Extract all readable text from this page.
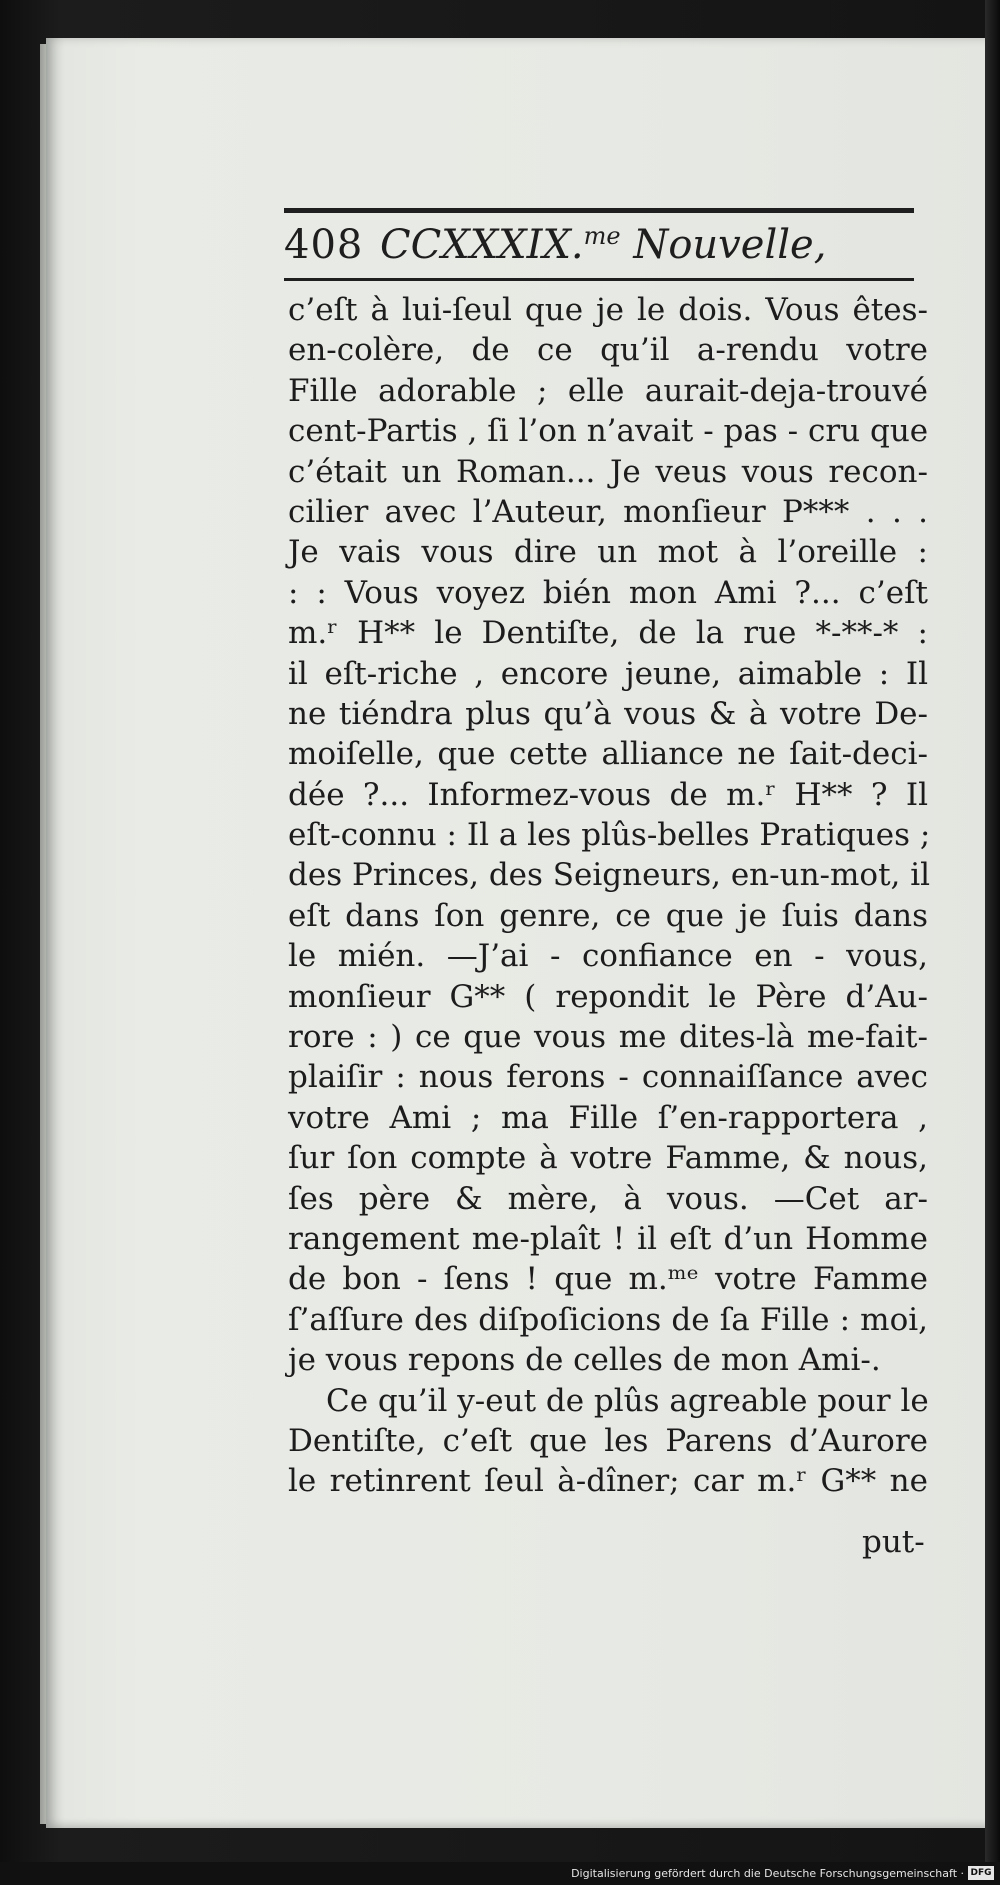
408 CCXXXIX.$^{me}$ Nouvelle,
c’eſt à lui-ſeul que je le dois. Vous êtes-
en-colère, de ce qu’il a-rendu votre
Fille adorable ; elle aurait-deja-trouvé
cent-Partis , ſi l’on n’avait - pas - cru que
c’était un Roman... Je veus vous recon-
cilier avec l’Auteur, monſieur P*** . . .
Je vais vous dire un mot à l’oreille :
: : Vous voyez bién mon Ami ?... c’eſt
m.ʳ H** le Dentiſte, de la rue *-**-* :
il eſt-riche , encore jeune, aimable : Il
ne tiéndra plus qu’à vous & à votre De-
moiſelle, que cette alliance ne ſait-deci-
dée ?... Informez-vous de m.ʳ H** ? Il
eſt-connu : Il a les plûs-belles Pratiques ;
des Princes, des Seigneurs, en-un-mot, il
eſt dans ſon genre, ce que je ſuis dans
le mién. —J’ai - confiance en - vous,
monſieur G** ( repondit le Père d’Au-
rore : ) ce que vous me dites-là me-fait-
plaiſir : nous ferons - connaiſſance avec
votre Ami ; ma Fille ſ’en-rapportera ,
ſur ſon compte à votre Famme, & nous,
ſes père & mère, à vous. —Cet ar-
rangement me-plaît ! il eſt d’un Homme
de bon - ſens ! que m.ᵐᵉ votre Famme
ſ’aſſure des diſpoſicions de ſa Fille : moi,
je vous repons de celles de mon Ami-.
Ce qu’il y-eut de plûs agreable pour le
Dentiſte, c’eſt que les Parens d’Aurore
le retinrent ſeul à-dîner; car m.ʳ G** ne
put-
Digitalisierung gefördert durch die Deutsche Forschungsgemeinschaft · DFG
